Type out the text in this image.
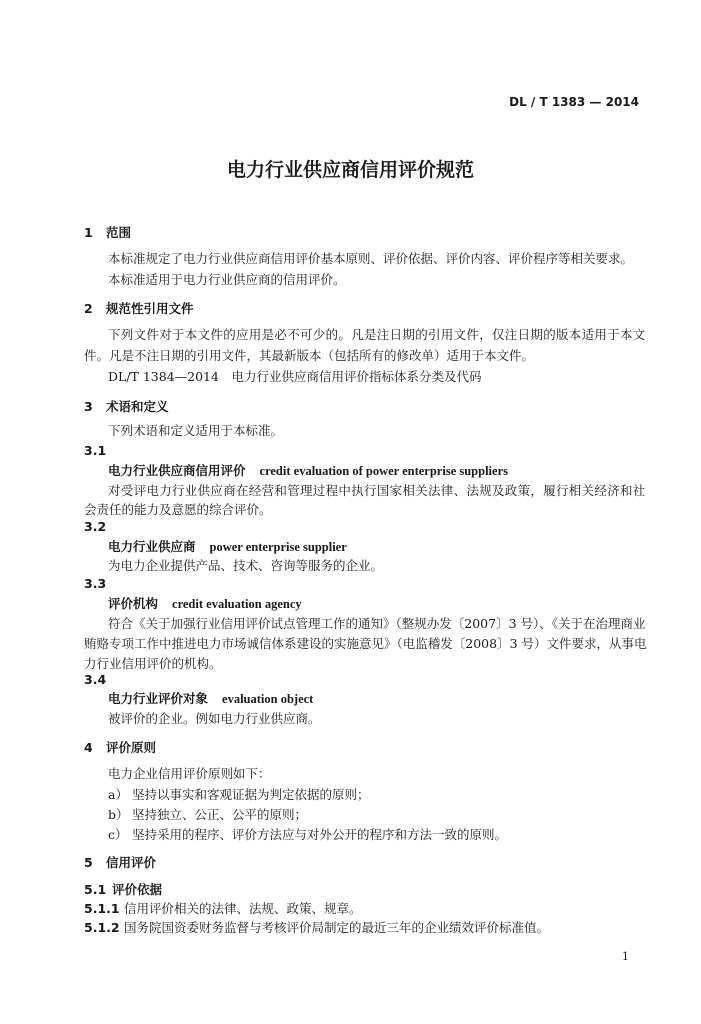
DL / T 1383 — 2014
电力行业供应商信用评价规范
1 范围
本标准规定了电力行业供应商信用评价基本原则、评价依据、评价内容、评价程序等相关要求。
本标准适用于电力行业供应商的信用评价。
2 规范性引用文件
下列文件对于本文件的应用是必不可少的。凡是注日期的引用文件，仅注日期的版本适用于本文
件。凡是不注日期的引用文件，其最新版本（包括所有的修改单）适用于本文件。
DL/T 1384—2014　电力行业供应商信用评价指标体系分类及代码
3 术语和定义
下列术语和定义适用于本标准。
3.1
电力行业供应商信用评价 credit evaluation of power enterprise suppliers
对受评电力行业供应商在经营和管理过程中执行国家相关法律、法规及政策，履行相关经济和社
会责任的能力及意愿的综合评价。
3.2
电力行业供应商 power enterprise supplier
为电力企业提供产品、技术、咨询等服务的企业。
3.3
评价机构 credit evaluation agency
符合《关于加强行业信用评价试点管理工作的通知》（整规办发〔2007〕3 号）、《关于在治理商业
贿赂专项工作中推进电力市场诚信体系建设的实施意见》（电监稽发〔2008〕3 号）文件要求，从事电
力行业信用评价的机构。
3.4
电力行业评价对象 evaluation object
被评价的企业。例如电力行业供应商。
4 评价原则
电力企业信用评价原则如下：
a） 坚持以事实和客观证据为判定依据的原则；
b） 坚持独立、公正、公平的原则；
c） 坚持采用的程序、评价方法应与对外公开的程序和方法一致的原则。
5 信用评价
5.1 评价依据
5.1.1 信用评价相关的法律、法规、政策、规章。
5.1.2 国务院国资委财务监督与考核评价局制定的最近三年的企业绩效评价标准值。
1
